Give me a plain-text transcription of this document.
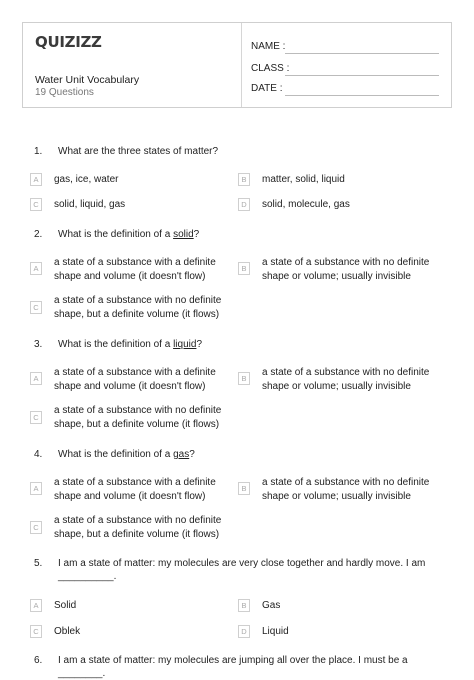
QUIZIZZ
Water Unit Vocabulary
19 Questions
NAME :
CLASS :
DATE :
1.	What are the three states of matter?
A	gas, ice, water	B	matter, solid, liquid
C	solid, liquid, gas	D	solid, molecule, gas
2.	What is the definition of a solid?
A
a state of a substance with a definite
shape and volume (it doesn't flow)
B
a state of a substance with no definite
shape or volume; usually invisible
C
a state of a substance with no definite
shape, but a definite volume (it flows)
3.	What is the definition of a liquid?
A
a state of a substance with a definite
shape and volume (it doesn't flow)
B
a state of a substance with no definite
shape or volume; usually invisible
C
a state of a substance with no definite
shape, but a definite volume (it flows)
4.	What is the definition of a gas?
A
a state of a substance with a definite
shape and volume (it doesn't flow)
B
a state of a substance with no definite
shape or volume; usually invisible
C
a state of a substance with no definite
shape, but a definite volume (it flows)
5.	I am a state of matter: my molecules are very close together and hardly move. I am
__________.
A	Solid	B	Gas
C	Oblek	D	Liquid
6.	I am a state of matter: my molecules are jumping all over the place. I must be a ________.
